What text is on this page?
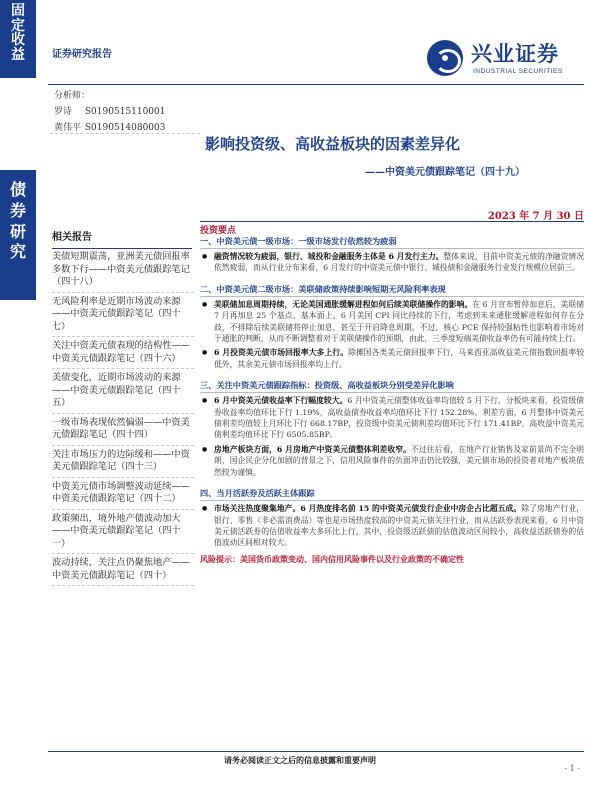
固
定
收
益
债
券
研
究
证券研究报告	兴业证券
INDUSTRIAL SECURITIES
分析师：
罗诗 S0190515110001
黄伟平 S0190514080003
影响投资级、高收益板块的因素差异化
——中资美元债跟踪笔记（四十九）
2023 年 7 月 30 日
相关报告
美债短期震荡，亚洲美元债回报率多数下行——中资美元债跟踪笔记（四十八）
无风险利率是近期市场波动来源——中资美元债跟踪笔记（四十七）
关注中资美元债表现的结构性——中资美元债跟踪笔记（四十六）
美债变化，近期市场波动的来源——中资美元债跟踪笔记（四十五）
一级市场表现依然偏弱——中资美元债跟踪笔记（四十四）
关注市场压力的边际缓和——中资美元债跟踪笔记（四十三）
中资美元债市场调整波动延续——中资美元债跟踪笔记（四十二）
政策频出，境外地产债波动加大——中资美元债跟踪笔记（四十一）
波动持续，关注点仍聚焦地产——中资美元债跟踪笔记（四十）
投资要点
一、中资美元债一级市场：一级市场发行依然较为疲弱
● 融资情况较为疲弱，银行、城投和金融服务主体是 6 月发行主力。整体来说，目前中资美元债的净融资情况依然疲弱，而从行业分布来看，6 月发行的中资美元债中银行、城投债和金融服务行业发行规模位居前三。
二、中资美元债二级市场：美联储政策持续影响短期无风险利率表现
● 美联储加息周期持续，无论美国通胀缓解进程如何后续美联储操作的影响。在 6 月宣布暂停加息后，美联储 7 月再加息 25 个基点，基本面上，6 月美国 CPI 同比持续的下行，考虑到未来通胀缓解进程如何存在分歧，不排除后续美联储将停止加息，甚至于开启降息周期。不过，核心 PCE 保持较强粘性也影响着市场对于通胀的判断，从而不断调整着对于美联储操作的预期，由此，三季度短端美债收益率仍有可能持续上行。
● 6 月投资美元债市场回报率大多上行。除摊国各类美元债回报率下行，马来西亚高收益美元债指数回报率较低外，其余美元债市场回报率均上行。
三、关注中资美元债跟踪指标：投资级、高收益板块分别受差异化影响
● 6 月中资美元债收益率下行幅度较大。6 月中资美元债整体收益率均值较 5 月下行，分板块来看，投资级债券收益率均值环比下行 1.19%，高收益债券收益率均值环比下行 152.28%。利差方面，6 月整体中资美元债利差均值较上月环比下行 668.17BP，投资级中资美元债利差均值环比下行 171.41BP，高收益中资美元债利差均值环比下行 6505.85BP。
● 房地产板块方面，6 月房地产中资美元债整体利差收窄。不过往后看，在地产行业销售及家前景尚不完全明朗，国企民企分化加剧的背景之下，信用风险事件的负面冲击仍比较强，美元债市场的投资者对地产板块依然较为谨慎。
四、当月活跃券及活跃主体跟踪
● 市场关注热度聚集地产。6 月热度排名前 15 的中资美元债发行企业中房企占比超五成。除了房地产行业，银行、零售（非必需消费品）等也是市场热度较高的中资美元债关注行业，而从活跃券表现来看，6 月中资美元债活跃券的估值收益率大多环比上行，其中，投资级活跃债的估值波动区间较小，高收益活跃债券的估值波动区间相对较大。
风险提示：美国货币政策变动、国内信用风险事件以及行业政策的不确定性
请务必阅读正文之后的信息披露和重要声明
- 1 -
